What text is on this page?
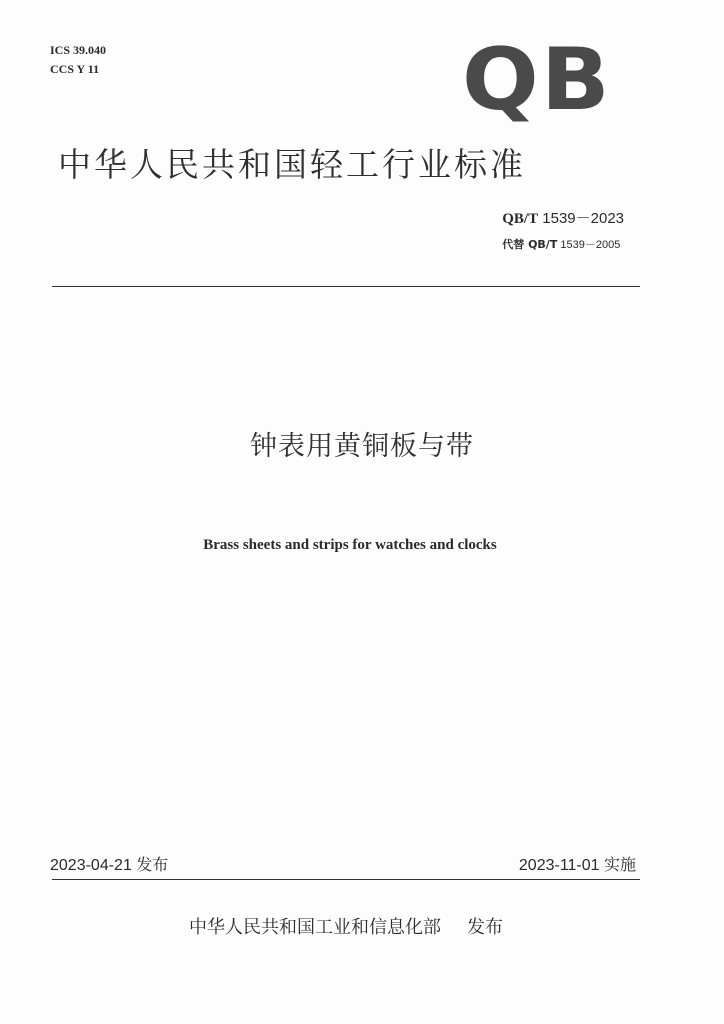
ICS 39.040
CCS Y 11	QB
中华人民共和国轻工行业标准
QB/T 1539－2023
代替 QB/T 1539－2005
钟表用黄铜板与带
Brass sheets and strips for watches and clocks
2023-04-21 发布	2023-11-01 实施
中华人民共和国工业和信息化部 发布
